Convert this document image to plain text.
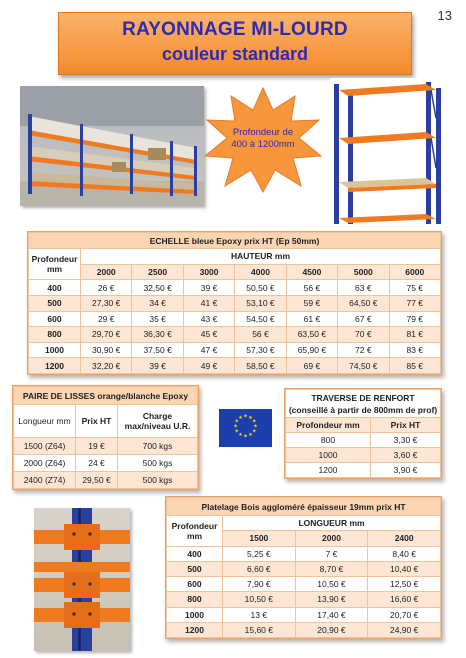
13
RAYONNAGE MI-LOURD
couleur standard
Profondeur de
400 à 1200mm
ECHELLE bleue Epoxy prix HT (Ep 50mm)							
Profondeur mm	HAUTEUR mm						
	2000	2500	3000	4000	4500	5000	6000
400	26 €	32,50 €	39 €	50,50 €	56 €	63 €	75 €
500	27,30 €	34 €	41 €	53,10 €	59 €	64,50 €	77 €
600	29 €	35 €	43 €	54,50 €	61 €	67 €	79 €
800	29,70 €	36,30 €	45 €	56 €	63,50 €	70 €	81 €
1000	30,90 €	37,50 €	47 €	57,30 €	65,90 €	72 €	83 €
1200	32,20 €	39 €	49 €	58,50 €	69 €	74,50 €	85 €
PAIRE DE LISSES orange/blanche Epoxy		
Longueur mm	Prix HT	Charge max/niveau U.R.
1500 (Z64)	19 €	700 kgs
2000 (Z64)	24 €	500 kgs
2400 (Z74)	29,50 €	500 kgs
★ ★
★
★
★
★
★
★
★
★
★
★
TRAVERSE DE RENFORT
(conseillé à partir de 800mm de prof)	

Profondeur mm	Prix HT
800	3,30 €
1000	3,60 €
1200	3,90 €
Platelage Bois aggloméré épaisseur 19mm prix HT			
Profondeur mm	LONGUEUR mm		
	1500	2000	2400
400	5,25 €	7 €	8,40 €
500	6,60 €	8,70 €	10,40 €
600	7,90 €	10,50 €	12,50 €
800	10,50 €	13,90 €	16,60 €
1000	13 €	17,40 €	20,70 €
1200	15,60 €	20,90 €	24,90 €
